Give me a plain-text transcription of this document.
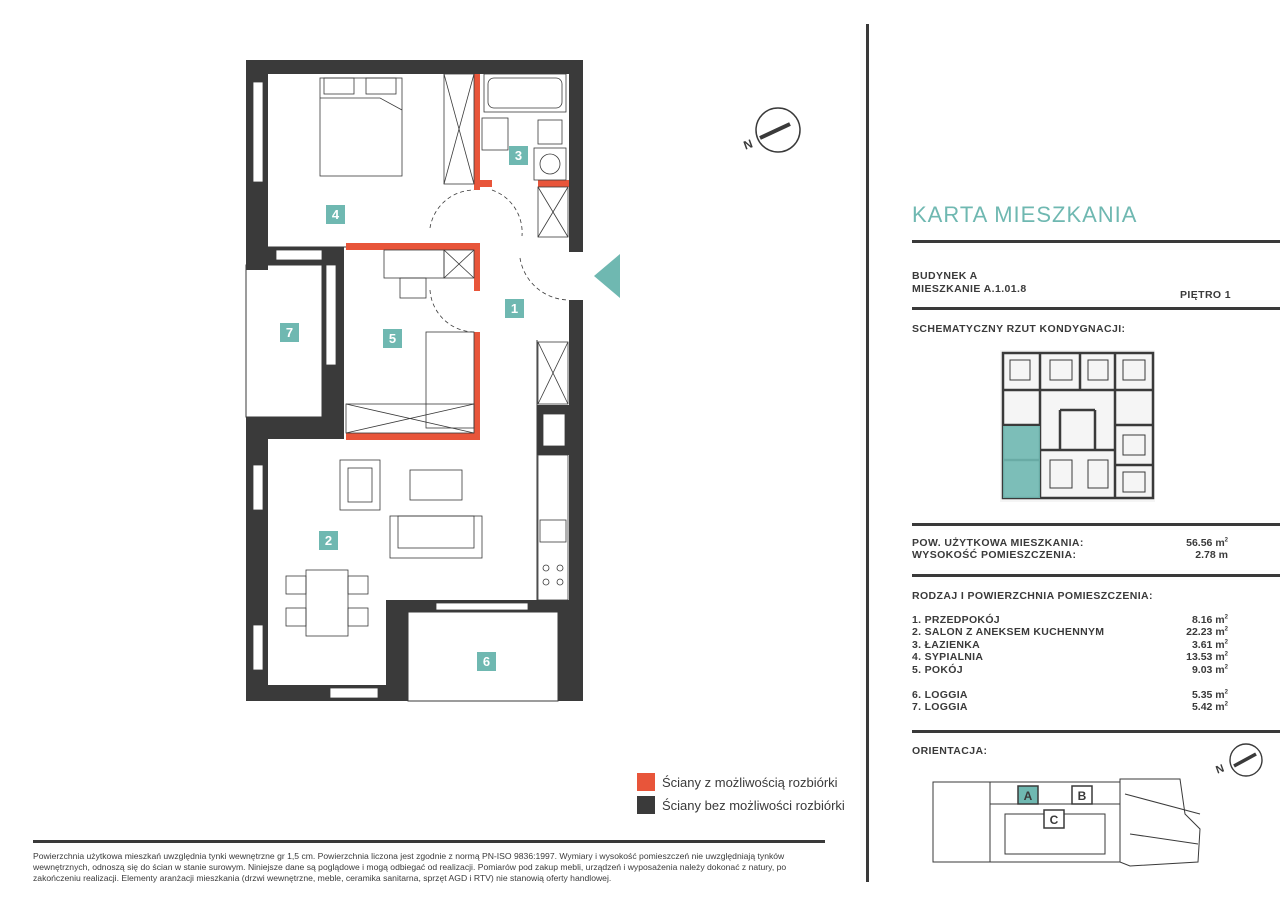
1
2
3
4
5
6
7
N
KARTA MIESZKANIA
BUDYNEK A
MIESZKANIE A.1.01.8	PIĘTRO 1
SCHEMATYCZNY RZUT KONDYGNACJI:
POW. UŻYTKOWA MIESZKANIA:	56.56 $m^2$
WYSOKOŚĆ POMIESZCZENIA:	2.78 m
RODZAJ I POWIERZCHNIA POMIESZCZENIA:
1. PRZEDPOKÓJ	8.16 $m^2$
2. SALON Z ANEKSEM KUCHENNYM	22.23 $m^2$
3. ŁAZIENKA	3.61 $m^2$
4. SYPIALNIA	13.53 $m^2$
5. POKÓJ	9.03 $m^2$
6. LOGGIA	5.35 $m^2$
7. LOGGIA	5.42 $m^2$
ORIENTACJA:
N
A	B
C
Ściany z możliwością rozbiórki
Ściany bez możliwości rozbiórki
Powierzchnia użytkowa mieszkań uwzględnia tynki wewnętrzne gr 1,5 cm. Powierzchnia liczona jest zgodnie z normą PN-ISO 9836:1997. Wymiary i wysokość pomieszczeń nie uwzględniają tynków wewnętrznych, odnoszą się do ścian w stanie surowym. Niniejsze dane są poglądowe i mogą odbiegać od realizacji. Pomiarów pod zakup mebli, urządzeń i wyposażenia należy dokonać z natury, po zakończeniu realizacji. Elementy aranżacji mieszkania (drzwi wewnętrzne, meble, ceramika sanitarna, sprzęt AGD i RTV) nie stanowią oferty handlowej.
